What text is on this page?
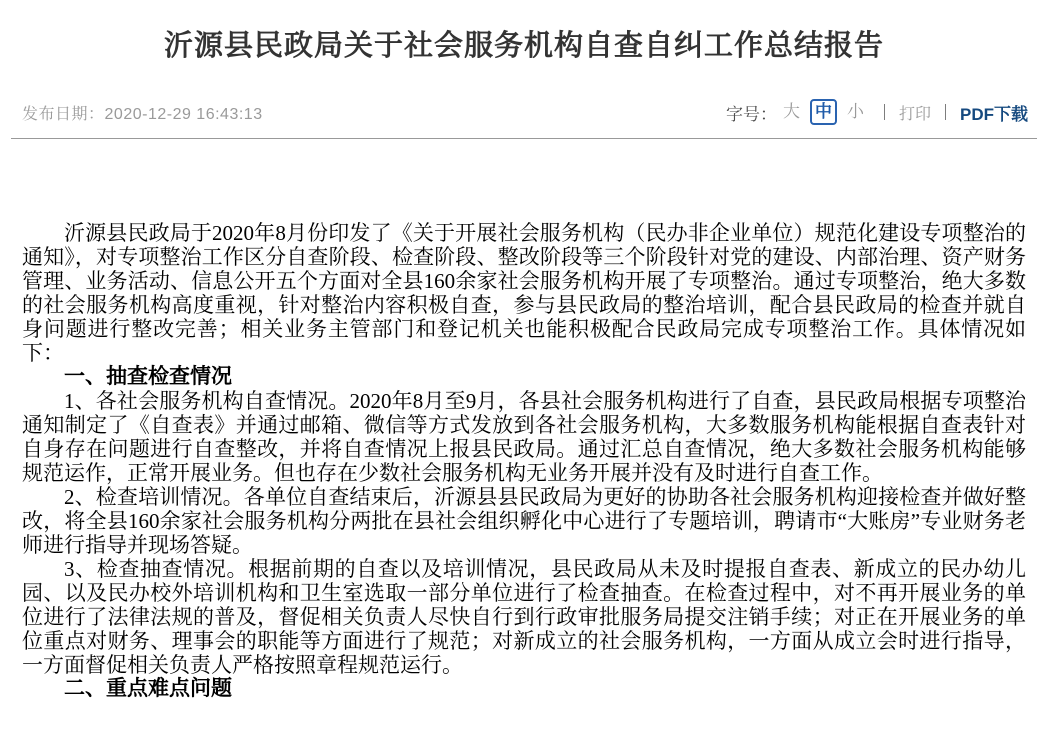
沂源县民政局关于社会服务机构自查自纠工作总结报告
发布日期：2020-12-29 16:43:13	字号： 大 中 小 打印 PDF下载

沂源县民政局于2020年8月份印发了《关于开展社会服务机构（民办非企业单位）规范化建设专项整治的通知》，对专项整治工作区分自查阶段、检查阶段、整改阶段等三个阶段针对党的建设、内部治理、资产财务管理、业务活动、信息公开五个方面对全县160余家社会服务机构开展了专项整治。通过专项整治，绝大多数的社会服务机构高度重视，针对整治内容积极自查，参与县民政局的整治培训，配合县民政局的检查并就自身问题进行整改完善；相关业务主管部门和登记机关也能积极配合民政局完成专项整治工作。具体情况如下：

一、抽查检查情况

1、各社会服务机构自查情况。2020年8月至9月，各县社会服务机构进行了自查，县民政局根据专项整治通知制定了《自查表》并通过邮箱、微信等方式发放到各社会服务机构，大多数服务机构能根据自查表针对自身存在问题进行自查整改，并将自查情况上报县民政局。通过汇总自查情况，绝大多数社会服务机构能够规范运作，正常开展业务。但也存在少数社会服务机构无业务开展并没有及时进行自查工作。

2、检查培训情况。各单位自查结束后，沂源县县民政局为更好的协助各社会服务机构迎接检查并做好整改，将全县160余家社会服务机构分两批在县社会组织孵化中心进行了专题培训，聘请市“大账房”专业财务老师进行指导并现场答疑。

3、检查抽查情况。根据前期的自查以及培训情况，县民政局从未及时提报自查表、新成立的民办幼儿园、以及民办校外培训机构和卫生室选取一部分单位进行了检查抽查。在检查过程中，对不再开展业务的单位进行了法律法规的普及，督促相关负责人尽快自行到行政审批服务局提交注销手续；对正在开展业务的单位重点对财务、理事会的职能等方面进行了规范；对新成立的社会服务机构，一方面从成立会时进行指导，一方面督促相关负责人严格按照章程规范运行。

二、重点难点问题
